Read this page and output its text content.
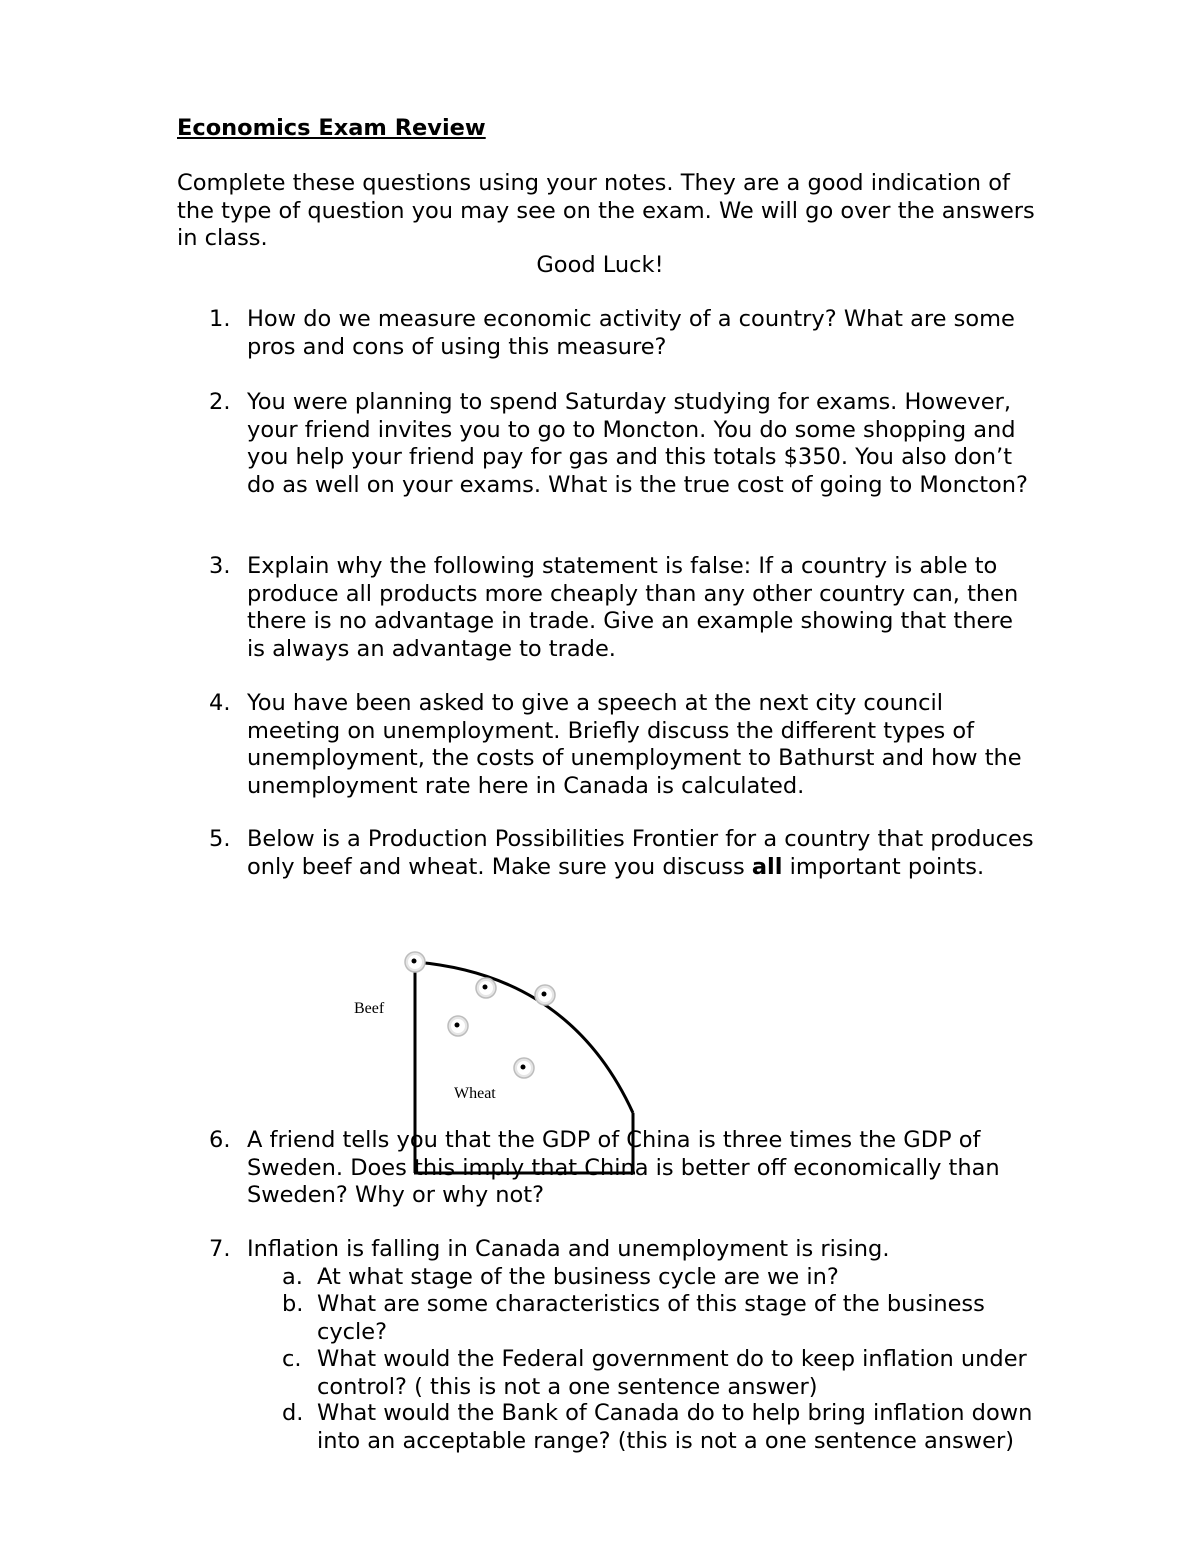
Economics Exam Review

Complete these questions using your notes. They are a good indication of the type of question you may see on the exam. We will go over the answers in class.

Good Luck!
1. How do we measure economic activity of a country? What are some pros and cons of using this measure?
2. You were planning to spend Saturday studying for exams. However, your friend invites you to go to Moncton. You do some shopping and you help your friend pay for gas and this totals $350. You also don’t do as well on your exams. What is the true cost of going to Moncton?
3. Explain why the following statement is false: If a country is able to produce all products more cheaply than any other country can, then there is no advantage in trade. Give an example showing that there is always an advantage to trade.
4. You have been asked to give a speech at the next city council meeting on unemployment. Briefly discuss the different types of unemployment, the costs of unemployment to Bathurst and how the unemployment rate here in Canada is calculated.
5. Below is a Production Possibilities Frontier for a country that produces only beef and wheat. Make sure you discuss all important points.
Beef
Wheat
6. A friend tells you that the GDP of China is three times the GDP of Sweden. Does this imply that China is better off economically than Sweden? Why or why not?
7. Inflation is falling in Canada and unemployment is rising.
a. At what stage of the business cycle are we in?
b. What are some characteristics of this stage of the business cycle?
c. What would the Federal government do to keep inflation under control? ( this is not a one sentence answer)
d. What would the Bank of Canada do to help bring inflation down into an acceptable range? (this is not a one sentence answer)
